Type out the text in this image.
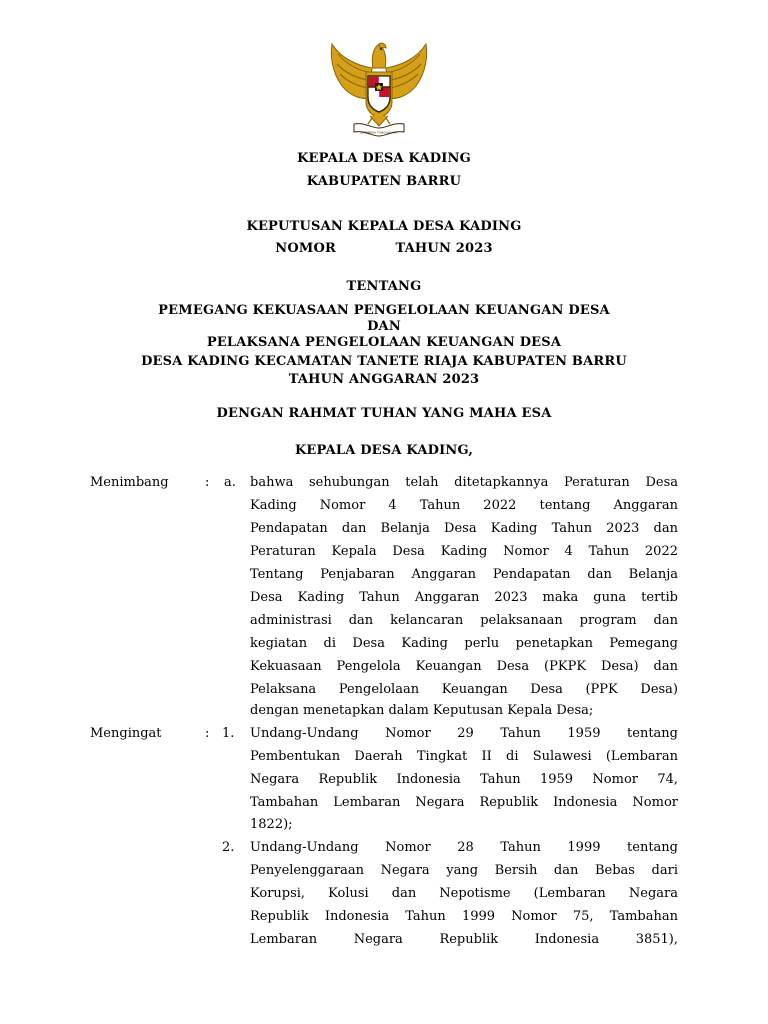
BHINNEKA TUNGGAL IKA
KEPALA DESA KADING
KABUPATEN BARRU
KEPUTUSAN KEPALA DESA KADING
NOMOR	TAHUN 2023
TENTANG
PEMEGANG KEKUASAAN PENGELOLAAN KEUANGAN DESA
DAN
PELAKSANA PENGELOLAAN KEUANGAN DESA
DESA KADING KECAMATAN TANETE RIAJA KABUPATEN BARRU
TAHUN ANGGARAN 2023
DENGAN RAHMAT TUHAN YANG MAHA ESA
KEPALA DESA KADING,
Menimbang	: a. bahwa sehubungan telah ditetapkannya Peraturan Desa
Kading Nomor 4 Tahun 2022 tentang Anggaran
Pendapatan dan Belanja Desa Kading Tahun 2023 dan
Peraturan Kepala Desa Kading Nomor 4 Tahun 2022
Tentang Penjabaran Anggaran Pendapatan dan Belanja
Desa Kading Tahun Anggaran 2023 maka guna tertib
administrasi dan kelancaran pelaksanaan program dan
kegiatan di Desa Kading perlu penetapkan Pemegang
Kekuasaan Pengelola Keuangan Desa (PKPK Desa) dan
Pelaksana Pengelolaan Keuangan Desa (PPK Desa)
dengan menetapkan dalam Keputusan Kepala Desa;
Mengingat	: 1. Undang-Undang Nomor 29 Tahun 1959 tentang
Pembentukan Daerah Tingkat II di Sulawesi (Lembaran
Negara Republik Indonesia Tahun 1959 Nomor 74,
Tambahan Lembaran Negara Republik Indonesia Nomor
1822);
2. Undang-Undang Nomor 28 Tahun 1999 tentang
Penyelenggaraan Negara yang Bersih dan Bebas dari
Korupsi, Kolusi dan Nepotisme (Lembaran Negara
Republik Indonesia Tahun 1999 Nomor 75, Tambahan
Lembaran Negara Republik Indonesia 3851),
